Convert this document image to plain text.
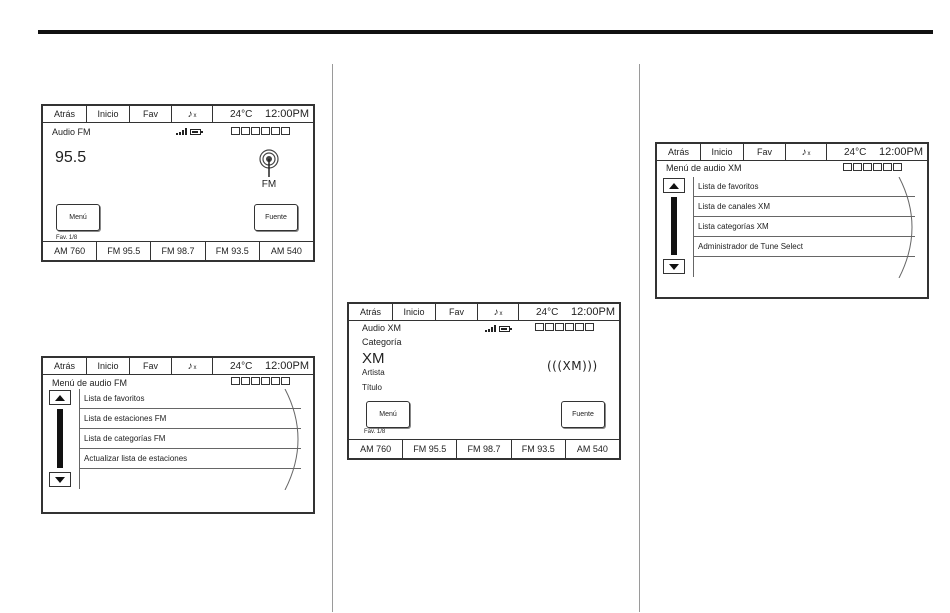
Atrás	Inicio	Fav	♪ x	24°C 12:00PM
Audio FM
95.5
FM
Menú	Fuente
Fav. 1/8
AM 760	FM 95.5	FM 98.7	FM 93.5	AM 540
Atrás	Inicio	Fav	♪ x	24°C 12:00PM
Menú de audio FM
Lista de favoritos
Lista de estaciones FM
Lista de categorías FM
Actualizar lista de estaciones
Atrás	Inicio	Fav	♪ x	24°C 12:00PM
Audio XM
Categoría
XM
Artista
Título
(((XM)))
Menú	Fuente
Fav. 1/8
AM 760	FM 95.5	FM 98.7	FM 93.5	AM 540
Atrás	Inicio	Fav	♪ x	24°C 12:00PM
Menú de audio XM
Lista de favoritos
Lista de canales XM
Lista categorías XM
Administrador de Tune Select
